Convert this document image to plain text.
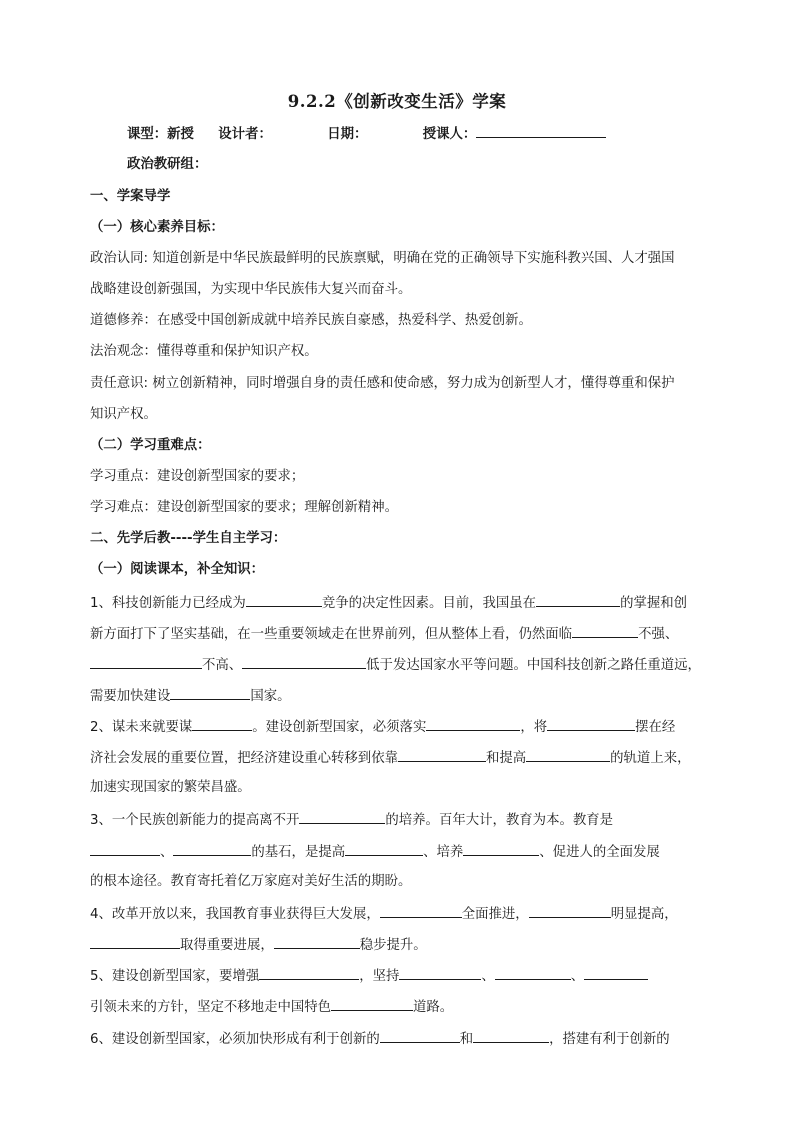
9.2.2《创新改变生活》学案
课型：新授 设计者：	日期：	授课人：
政治教研组：
一、学案导学
（一）核心素养目标：
政治认同: 知道创新是中华民族最鲜明的民族禀赋，明确在党的正确领导下实施科教兴国、人才强国
战略建设创新强国，为实现中华民族伟大复兴而奋斗。
道德修养：在感受中国创新成就中培养民族自豪感，热爱科学、热爱创新。
法治观念：懂得尊重和保护知识产权。
责任意识: 树立创新精神，同时增强自身的责任感和使命感，努力成为创新型人才，懂得尊重和保护
知识产权。
（二）学习重难点：
学习重点：建设创新型国家的要求；
学习难点：建设创新型国家的要求；理解创新精神。
二、先学后教----学生自主学习：
（一）阅读课本，补全知识：
1、科技创新能力已经成为	竞争的决定性因素。目前，我国虽在	的掌握和创
新方面打下了坚实基础，在一些重要领域走在世界前列，但从整体上看，仍然面临	不强、
不高、	低于发达国家水平等问题。中国科技创新之路任重道远，
需要加快建设	国家。
2、谋未来就要谋	。建设创新型国家，必须落实	，将	摆在经
济社会发展的重要位置，把经济建设重心转移到依靠	和提高	的轨道上来，
加速实现国家的繁荣昌盛。
3、一个民族创新能力的提高离不开	的培养。百年大计，教育为本。教育是
、	的基石，是提高	、培养	、促进人的全面发展
的根本途径。教育寄托着亿万家庭对美好生活的期盼。
4、改革开放以来，我国教育事业获得巨大发展，	全面推进，	明显提高，
取得重要进展，	稳步提升。
5、建设创新型国家，要增强	，坚持	、	、
引领未来的方针，坚定不移地走中国特色	道路。
6、建设创新型国家，必须加快形成有利于创新的	和	，搭建有利于创新的
